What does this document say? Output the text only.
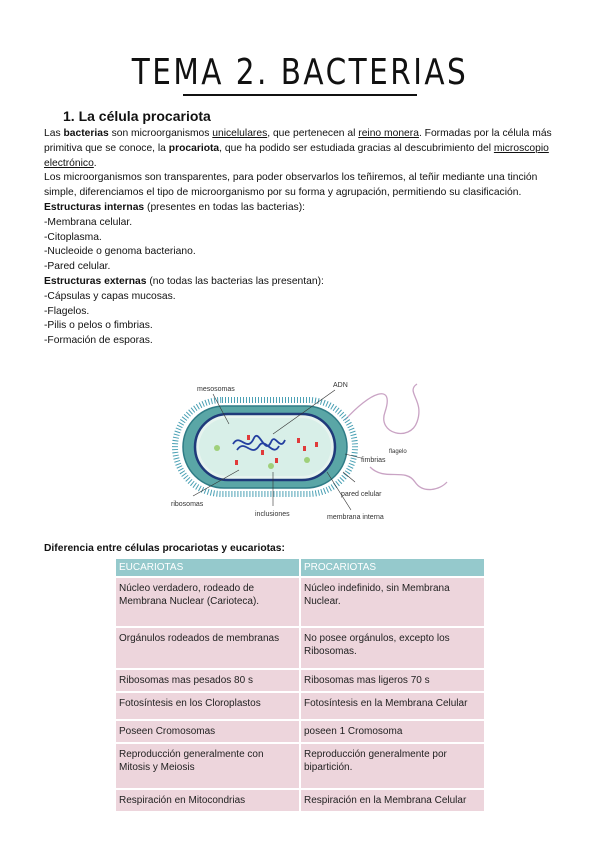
TEMA 2. BACTERIAS
1. La célula procariota

Las bacterias son microorganismos unicelulares, que pertenecen al reino monera. Formadas por la célula más primitiva que se conoce, la procariota, que ha podido ser estudiada gracias al descubrimiento del microscopio electrónico.

Los microorganismos son transparentes, para poder observarlos los teñiremos, al teñir mediante una tinción simple, diferenciamos el tipo de microorganismo por su forma y agrupación, permitiendo su clasificación.

Estructuras internas (presentes en todas las bacterias):

-Membrana celular.

-Citoplasma.

-Nucleoide o genoma bacteriano.

-Pared celular.

Estructuras externas (no todas las bacterias las presentan):

-Cápsulas y capas mucosas.

-Flagelos.

-Pilis o pelos o fimbrias.

-Formación de esporas.

mesosomas
ADN
flagelo
fimbrias
pared celular
ribosomas
inclusiones	membrana interna
Diferencia entre células procariotas y eucariotas:
EUCARIOTAS	PROCARIOTAS
Núcleo verdadero, rodeado de Membrana Nuclear (Carioteca).	Núcleo indefinido, sin Membrana Nuclear.
Orgánulos rodeados de membranas	No posee orgánulos, excepto los Ribosomas.
Ribosomas mas pesados 80 s	Ribosomas mas ligeros 70 s
Fotosíntesis en los Cloroplastos	Fotosíntesis en la Membrana Celular
Poseen Cromosomas	poseen 1 Cromosoma
Reproducción generalmente con Mitosis y Meiosis	Reproducción generalmente por bipartición.
Respiración en Mitocondrias	Respiración en la Membrana Celular
